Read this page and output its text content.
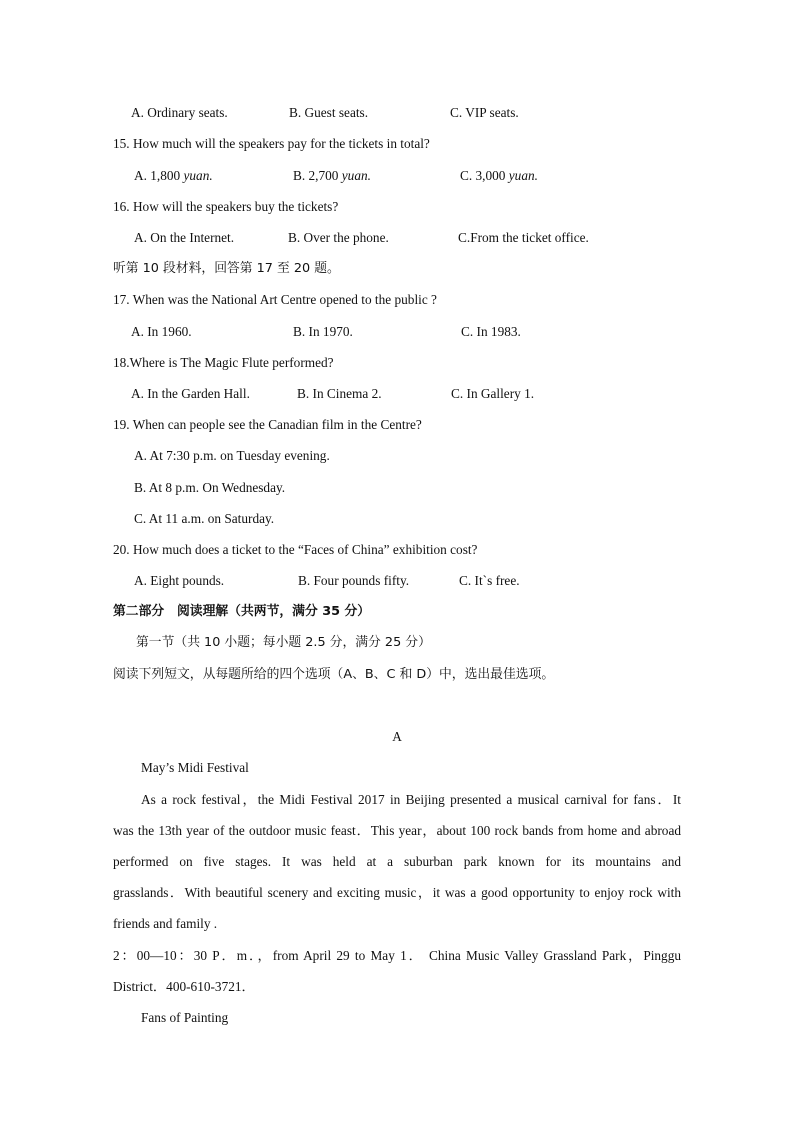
A. Ordinary seats.	B. Guest seats.	C. VIP seats.
15. How much will the speakers pay for the tickets in total?
A. 1,800 yuan.	B. 2,700 yuan.	C. 3,000 yuan.
16. How will the speakers buy the tickets?
A. On the Internet.	B. Over the phone.	C.From the ticket office.
听第 10 段材料，回答第 17 至 20 题。
17. When was the National Art Centre opened to the public ?
A. In 1960.	B. In 1970.	C. In 1983.
18.Where is The Magic Flute performed?
A. In the Garden Hall.	B. In Cinema 2.	C. In Gallery 1.
19. When can people see the Canadian film in the Centre?
A. At 7:30 p.m. on Tuesday evening.
B. At 8 p.m. On Wednesday.
C. At 11 a.m. on Saturday.
20. How much does a ticket to the “Faces of China” exhibition cost?
A. Eight pounds.	B. Four pounds fifty.	C. It`s free.
第二部分　阅读理解（共两节，满分 35 分）
第一节（共 10 小题；每小题 2.5 分，满分 25 分）
阅读下列短文，从每题所给的四个选项（A、B、C 和 D）中，选出最佳选项。
A
May’s Midi Festival
As a rock festival，the Midi Festival 2017 in Beijing presented a musical carnival for fans．It
was the 13th year of the outdoor music feast．This year，about 100 rock bands from home and abroad
performed on five stages. It was held at a suburban park known for its mountains and
grasslands．With beautiful scenery and exciting music，it was a good opportunity to enjoy rock with
friends and family .
2：00—10：30 P．m．，from April 29 to May 1． China Music Valley Grassland Park，Pinggu
District．400-610-3721．
Fans of Painting
